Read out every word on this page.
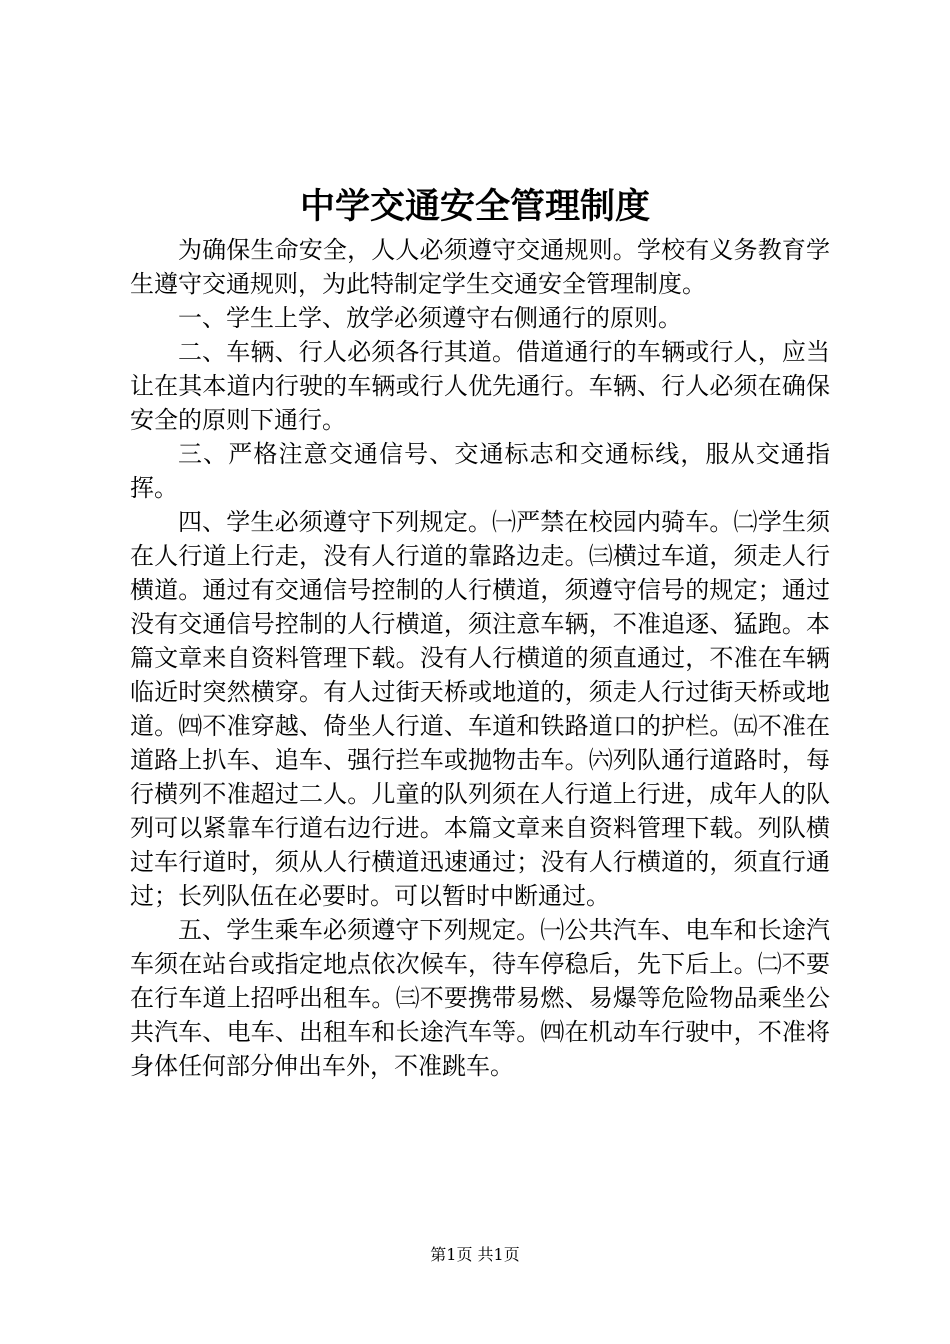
中学交通安全管理制度

为确保生命安全，人人必须遵守交通规则。学校有义务教育学生遵守交通规则，为此特制定学生交通安全管理制度。

一、学生上学、放学必须遵守右侧通行的原则。

二、车辆、行人必须各行其道。借道通行的车辆或行人，应当让在其本道内行驶的车辆或行人优先通行。车辆、行人必须在确保安全的原则下通行。

三、严格注意交通信号、交通标志和交通标线，服从交通指挥。

四、学生必须遵守下列规定。㈠严禁在校园内骑车。㈡学生须在人行道上行走，没有人行道的靠路边走。㈢横过车道，须走人行横道。通过有交通信号控制的人行横道，须遵守信号的规定；通过没有交通信号控制的人行横道，须注意车辆，不准追逐、猛跑。本篇文章来自资料管理下载。没有人行横道的须直通过，不准在车辆临近时突然横穿。有人过街天桥或地道的，须走人行过街天桥或地道。㈣不准穿越、倚坐人行道、车道和铁路道口的护栏。㈤不准在道路上扒车、追车、强行拦车或抛物击车。㈥列队通行道路时，每行横列不准超过二人。儿童的队列须在人行道上行进，成年人的队列可以紧靠车行道右边行进。本篇文章来自资料管理下载。列队横过车行道时，须从人行横道迅速通过；没有人行横道的，须直行通过；长列队伍在必要时。可以暂时中断通过。

五、学生乘车必须遵守下列规定。㈠公共汽车、电车和长途汽车须在站台或指定地点依次候车，待车停稳后，先下后上。㈡不要在行车道上招呼出租车。㈢不要携带易燃、易爆等危险物品乘坐公共汽车、电车、出租车和长途汽车等。㈣在机动车行驶中，不准将身体任何部分伸出车外，不准跳车。

第1页 共1页
